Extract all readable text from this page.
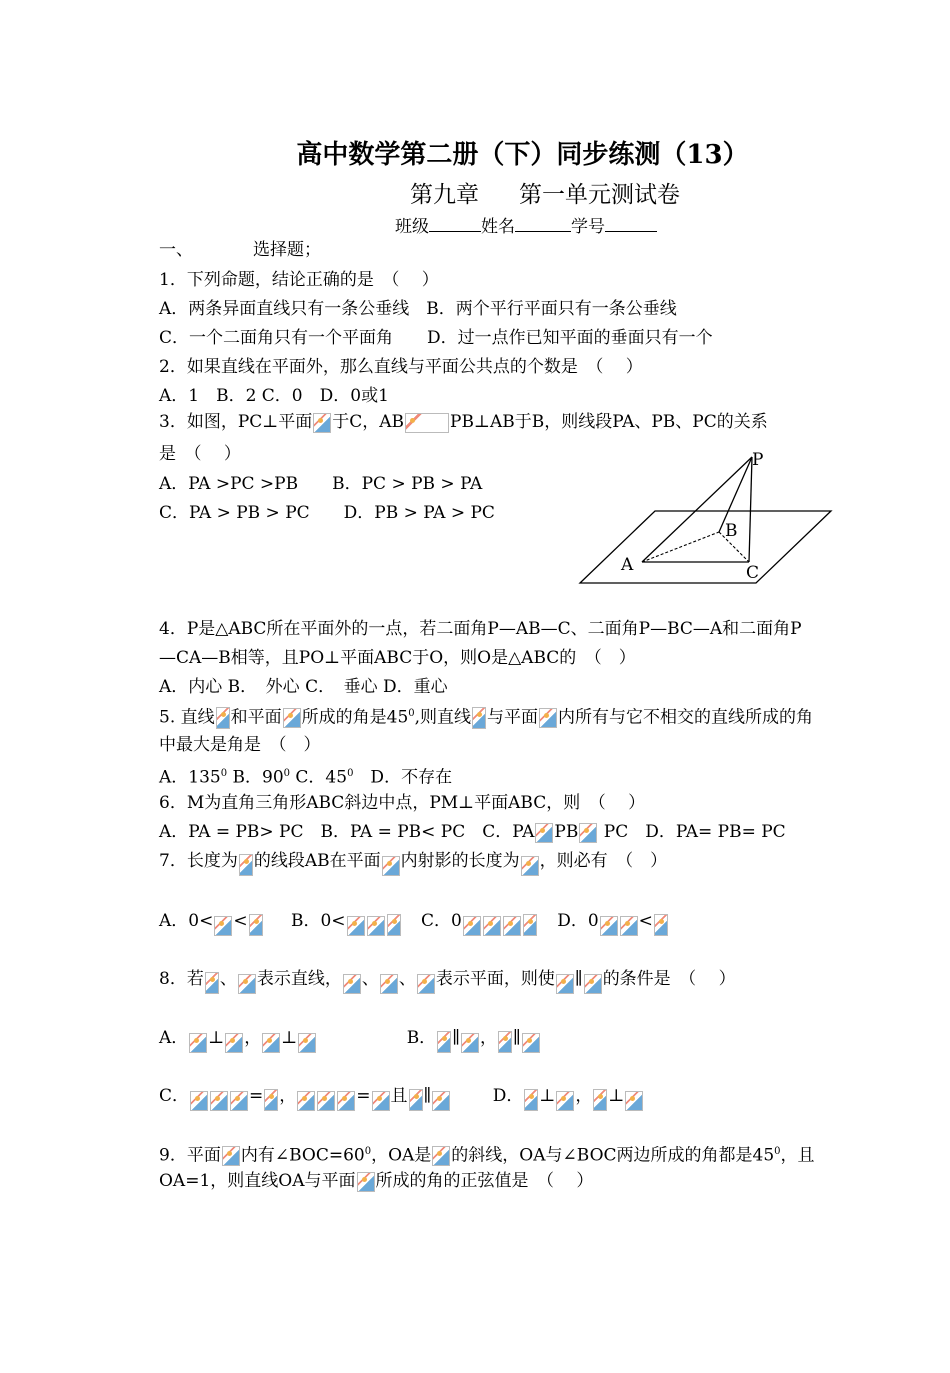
高中数学第二册（下）同步练测（13）
第九章 第一单元测试卷
班级	姓名	学号
一、	选择题；
1．下列命题，结论正确的是　（　 ）
A．两条异面直线只有一条公垂线　 B．两个平行平面只有一条公垂线
C．一个二面角只有一个平面角　　 D．过一点作已知平面的垂面只有一个
2．如果直线在平面外，那么直线与平面公共点的个数是　（　 ）
A．1　B．2 C．0　D．0或1
3．如图，PC⊥平面 于C，AB	PB⊥AB于B，则线段PA、PB、PC的关系
是　（　 ）
A．PA >PC >PB　　B．PC > PB > PA
C．PA > PB > PC　　D．PB > PA > PC
P
B
A	C
4．P是△ABC所在平面外的一点，若二面角P—AB—C、二面角P—BC—A和二面角P
—CA—B相等，且PO⊥平面ABC于O，则O是△ABC的　（　）
A．内心 B．　外心 C．　垂心 D．重心
5. 直线 和平面 所成的角是$45^0$,则直线 与平面 内所有与它不相交的直线所成的角
中最大是角是　（　）
A．$135^0$ B．$90^0$ C．$45^0$　D．不存在
6．M为直角三角形ABC斜边中点，PM⊥平面ABC，则　（　 ）
A．PA = PB> PC　 B．PA = PB< PC　 C．PA PB PC　 D．PA= PB= PC
7．长度为 的线段AB在平面 内射影的长度为 ，则必有　（　）
A．0< <	B．0<	C．0	D．0 <
8．若 、 表示直线， 、 、 表示平面，则使 ∥ 的条件是　（　 ）
A． ⊥ ， ⊥	B． ∥ ， ∥
C．	= ，	= 且 ∥	D． ⊥ ， ⊥
9．平面 内有$\angle BOC=60^0$，OA是 的斜线，OA与∠BOC两边所成的角都是$45^0$，且
OA=1，则直线OA与平面 所成的角的正弦值是　（　 ）
